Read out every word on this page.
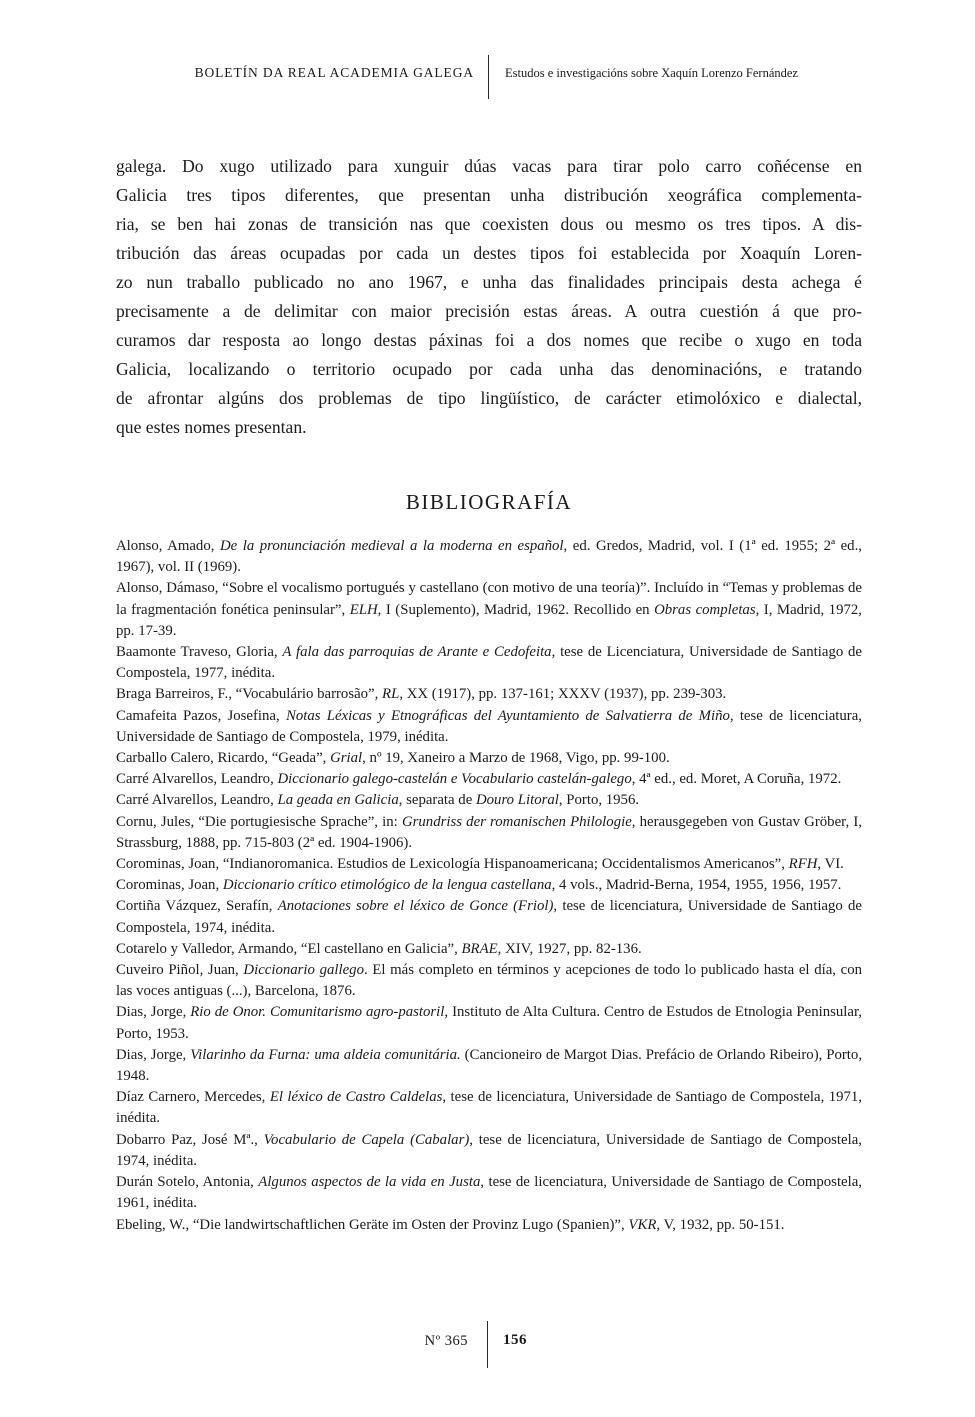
BOLETÍN DA REAL ACADEMIA GALEGA Estudos e investigacións sobre Xaquín Lorenzo Fernández
galega. Do xugo utilizado para xunguir dúas vacas para tirar polo carro coñécense en
Galicia tres tipos diferentes, que presentan unha distribución xeográfica complementa-
ria, se ben hai zonas de transición nas que coexisten dous ou mesmo os tres tipos. A dis-
tribución das áreas ocupadas por cada un destes tipos foi establecida por Xoaquín Loren-
zo nun traballo publicado no ano 1967, e unha das finalidades principais desta achega é
precisamente a de delimitar con maior precisión estas áreas. A outra cuestión á que pro-
curamos dar resposta ao longo destas páxinas foi a dos nomes que recibe o xugo en toda
Galicia, localizando o territorio ocupado por cada unha das denominacións, e tratando
de afrontar algúns dos problemas de tipo lingüístico, de carácter etimolóxico e dialectal,
que estes nomes presentan.
BIBLIOGRAFÍA

Alonso, Amado, De la pronunciación medieval a la moderna en español, ed. Gredos, Madrid, vol. I (1ª ed. 1955; 2ª ed., 1967), vol. II (1969).

Alonso, Dámaso, “Sobre el vocalismo portugués y castellano (con motivo de una teoría)”. Incluído in “Temas y problemas de la fragmentación fonética peninsular”, ELH, I (Suplemento), Madrid, 1962. Recollido en Obras completas, I, Madrid, 1972, pp. 17-39.

Baamonte Traveso, Gloria, A fala das parroquias de Arante e Cedofeita, tese de Licenciatura, Universidade de Santiago de Compostela, 1977, inédita.

Braga Barreiros, F., “Vocabulário barrosão”, RL, XX (1917), pp. 137-161; XXXV (1937), pp. 239-303.

Camafeita Pazos, Josefina, Notas Léxicas y Etnográficas del Ayuntamiento de Salvatierra de Miño, tese de licenciatura, Universidade de Santiago de Compostela, 1979, inédita.

Carballo Calero, Ricardo, “Geada”, Grial, nº 19, Xaneiro a Marzo de 1968, Vigo, pp. 99-100.

Carré Alvarellos, Leandro, Diccionario galego-castelán e Vocabulario castelán-galego, 4ª ed., ed. Moret, A Coruña, 1972.

Carré Alvarellos, Leandro, La geada en Galicia, separata de Douro Litoral, Porto, 1956.

Cornu, Jules, “Die portugiesische Sprache”, in: Grundriss der romanischen Philologie, herausgegeben von Gustav Gröber, I, Strassburg, 1888, pp. 715-803 (2ª ed. 1904-1906).

Corominas, Joan, “Indianoromanica. Estudios de Lexicología Hispanoamericana; Occidentalismos Americanos”, RFH, VI.

Corominas, Joan, Diccionario crítico etimológico de la lengua castellana, 4 vols., Madrid-Berna, 1954, 1955, 1956, 1957.

Cortiña Vázquez, Serafín, Anotaciones sobre el léxico de Gonce (Friol), tese de licenciatura, Universidade de Santiago de Compostela, 1974, inédita.

Cotarelo y Valledor, Armando, “El castellano en Galicia”, BRAE, XIV, 1927, pp. 82-136.

Cuveiro Piñol, Juan, Diccionario gallego. El más completo en términos y acepciones de todo lo publicado hasta el día, con las voces antiguas (...), Barcelona, 1876.

Dias, Jorge, Rio de Onor. Comunitarismo agro-pastoril, Instituto de Alta Cultura. Centro de Estudos de Etnologia Peninsular, Porto, 1953.

Dias, Jorge, Vilarinho da Furna: uma aldeia comunitária. (Cancioneiro de Margot Dias. Prefácio de Orlando Ribeiro), Porto, 1948.

Díaz Carnero, Mercedes, El léxico de Castro Caldelas, tese de licenciatura, Universidade de Santiago de Compostela, 1971, inédita.

Dobarro Paz, José Mª., Vocabulario de Capela (Cabalar), tese de licenciatura, Universidade de Santiago de Compostela, 1974, inédita.

Durán Sotelo, Antonia, Algunos aspectos de la vida en Justa, tese de licenciatura, Universidade de Santiago de Compostela, 1961, inédita.

Ebeling, W., “Die landwirtschaftlichen Geräte im Osten der Provinz Lugo (Spanien)”, VKR, V, 1932, pp. 50-151.

Nº 365 156
